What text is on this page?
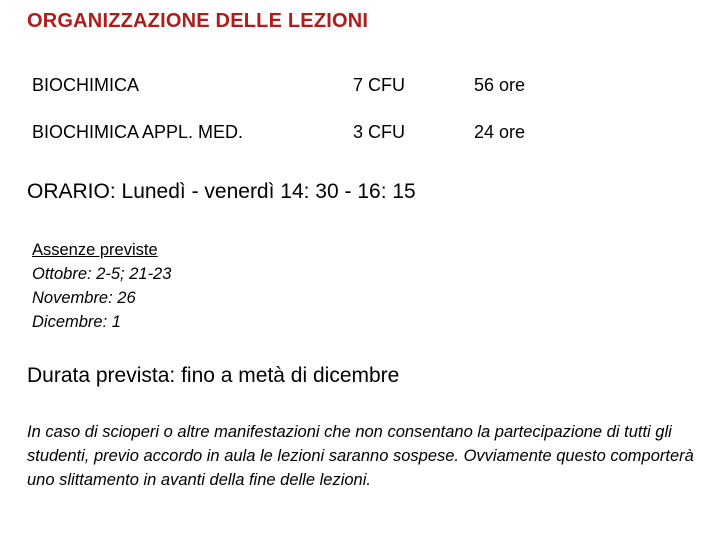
ORGANIZZAZIONE DELLE LEZIONI
BIOCHIMICA	7 CFU	56 ore
BIOCHIMICA APPL. MED.	3 CFU	24 ore
ORARIO: Lunedì - venerdì 14: 30 - 16: 15
Assenze previste
Ottobre: 2-5; 21-23
Novembre: 26
Dicembre: 1
Durata prevista: fino a metà di dicembre
In caso di scioperi o altre manifestazioni che non consentano la partecipazione di tutti gli studenti, previo accordo in aula le lezioni saranno sospese. Ovviamente questo comporterà uno slittamento in avanti della fine delle lezioni.
